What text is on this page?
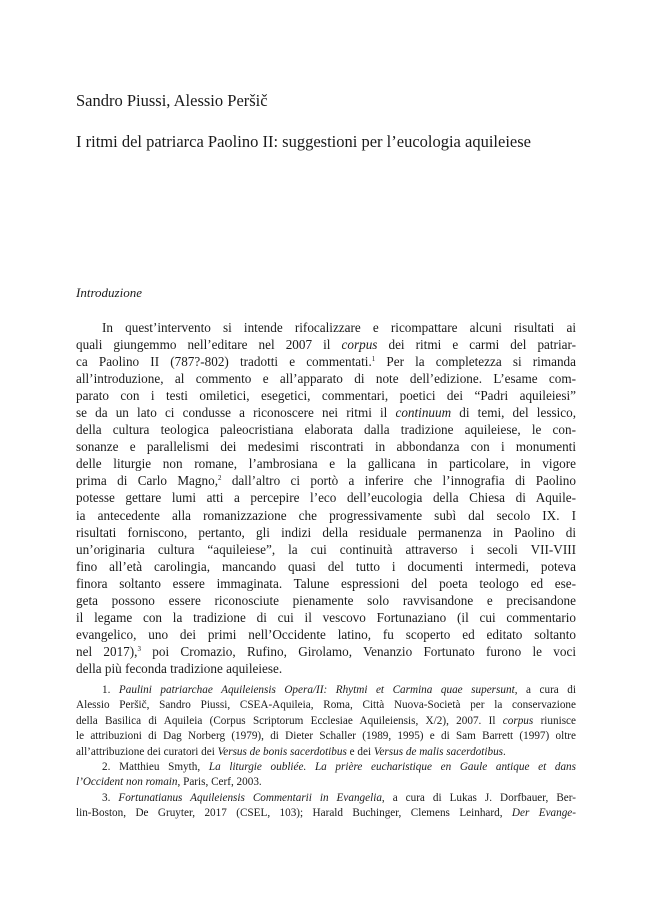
Sandro Piussi, Alessio Peršič
I ritmi del patriarca Paolino II: suggestioni per l’eucologia aquileiese
Introduzione
In quest’intervento si intende rifocalizzare e ricompattare alcuni risultati ai
quali giungemmo nell’editare nel 2007 il corpus dei ritmi e carmi del patriar-
ca Paolino II (787?-802) tradotti e commentati.$^1$ Per la completezza si rimanda
all’introduzione, al commento e all’apparato di note dell’edizione. L’esame com-
parato con i testi omiletici, esegetici, commentari, poetici dei “Padri aquileiesi”
se da un lato ci condusse a riconoscere nei ritmi il continuum di temi, del lessico,
della cultura teologica paleocristiana elaborata dalla tradizione aquileiese, le con-
sonanze e parallelismi dei medesimi riscontrati in abbondanza con i monumenti
delle liturgie non romane, l’ambrosiana e la gallicana in particolare, in vigore
prima di Carlo Magno,$^2$ dall’altro ci portò a inferire che l’innografia di Paolino
potesse gettare lumi atti a percepire l’eco dell’eucologia della Chiesa di Aquile-
ia antecedente alla romanizzazione che progressivamente subì dal secolo IX. I
risultati forniscono, pertanto, gli indizi della residuale permanenza in Paolino di
un’originaria cultura “aquileiese”, la cui continuità attraverso i secoli VII-VIII
fino all’età carolingia, mancando quasi del tutto i documenti intermedi, poteva
finora soltanto essere immaginata. Talune espressioni del poeta teologo ed ese-
geta possono essere riconosciute pienamente solo ravvisandone e precisandone
il legame con la tradizione di cui il vescovo Fortunaziano (il cui commentario
evangelico, uno dei primi nell’Occidente latino, fu scoperto ed editato soltanto
nel 2017),$^3$ poi Cromazio, Rufino, Girolamo, Venanzio Fortunato furono le voci
della più feconda tradizione aquileiese.
1. Paulini patriarchae Aquileiensis Opera/II: Rhytmi et Carmina quae supersunt, a cura di
Alessio Peršič, Sandro Piussi, CSEA-Aquileia, Roma, Città Nuova-Società per la conservazione
della Basilica di Aquileia (Corpus Scriptorum Ecclesiae Aquileiensis, X/2), 2007. Il corpus riunisce
le attribuzioni di Dag Norberg (1979), di Dieter Schaller (1989, 1995) e di Sam Barrett (1997) oltre
all’attribuzione dei curatori dei Versus de bonis sacerdotibus e dei Versus de malis sacerdotibus.
2. Matthieu Smyth, La liturgie oubliée. La prière eucharistique en Gaule antique et dans
l’Occident non romain, Paris, Cerf, 2003.
3. Fortunatianus Aquileiensis Commentarii in Evangelia, a cura di Lukas J. Dorfbauer, Ber-
lin-Boston, De Gruyter, 2017 (CSEL, 103); Harald Buchinger, Clemens Leinhard, Der Evange-
